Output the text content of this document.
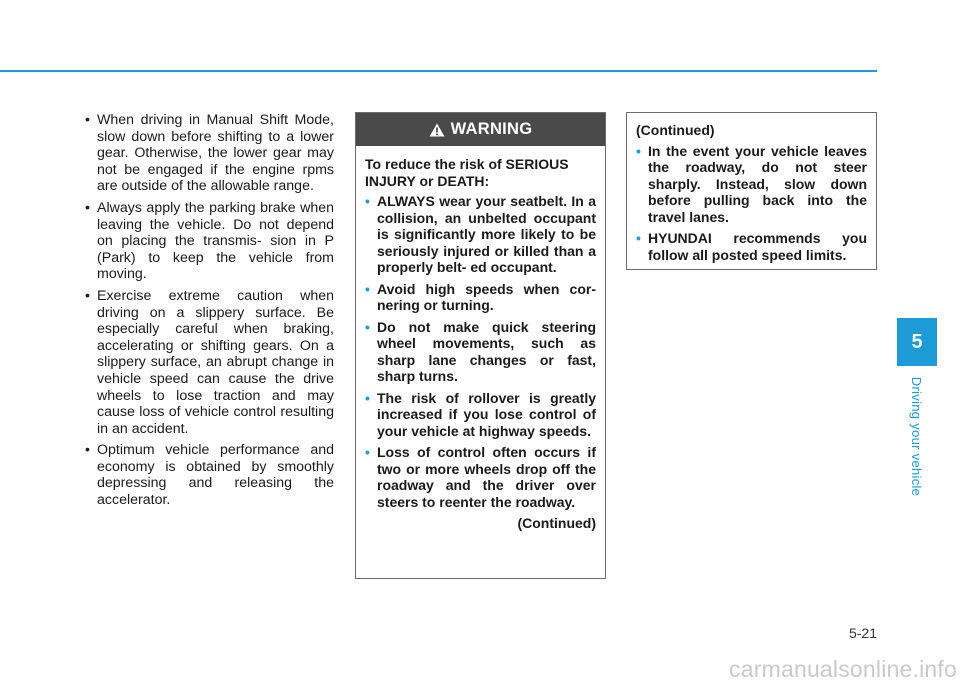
• When driving in Manual Shift Mode, slow down before shifting to a lower gear. Otherwise, the lower gear may not be engaged if the engine rpms are outside of the allowable range.
• Always apply the parking brake when leaving the vehicle. Do not depend on placing the transmis- sion in P (Park) to keep the vehicle from moving.
• Exercise extreme caution when driving on a slippery surface. Be especially careful when braking, accelerating or shifting gears. On a slippery surface, an abrupt change in vehicle speed can cause the drive wheels to lose traction and may cause loss of vehicle control resulting in an accident.
• Optimum vehicle performance and economy is obtained by smoothly depressing and releasing the accelerator.
WARNING

To reduce the risk of SERIOUS INJURY or DEATH:

• ALWAYS wear your seatbelt. In a collision, an unbelted occupant is significantly more likely to be seriously injured or killed than a properly belt- ed occupant.
• Avoid high speeds when cor- nering or turning.
• Do not make quick steering wheel movements, such as sharp lane changes or fast, sharp turns.
• The risk of rollover is greatly increased if you lose control of your vehicle at highway speeds.
• Loss of control often occurs if two or more wheels drop off the roadway and the driver over steers to reenter the roadway.

(Continued)

(Continued)

• In the event your vehicle leaves the roadway, do not steer sharply. Instead, slow down before pulling back into the travel lanes.
• HYUNDAI recommends you follow all posted speed limits.
5
Driving your vehicle
5-21
carmanualsonline.info
